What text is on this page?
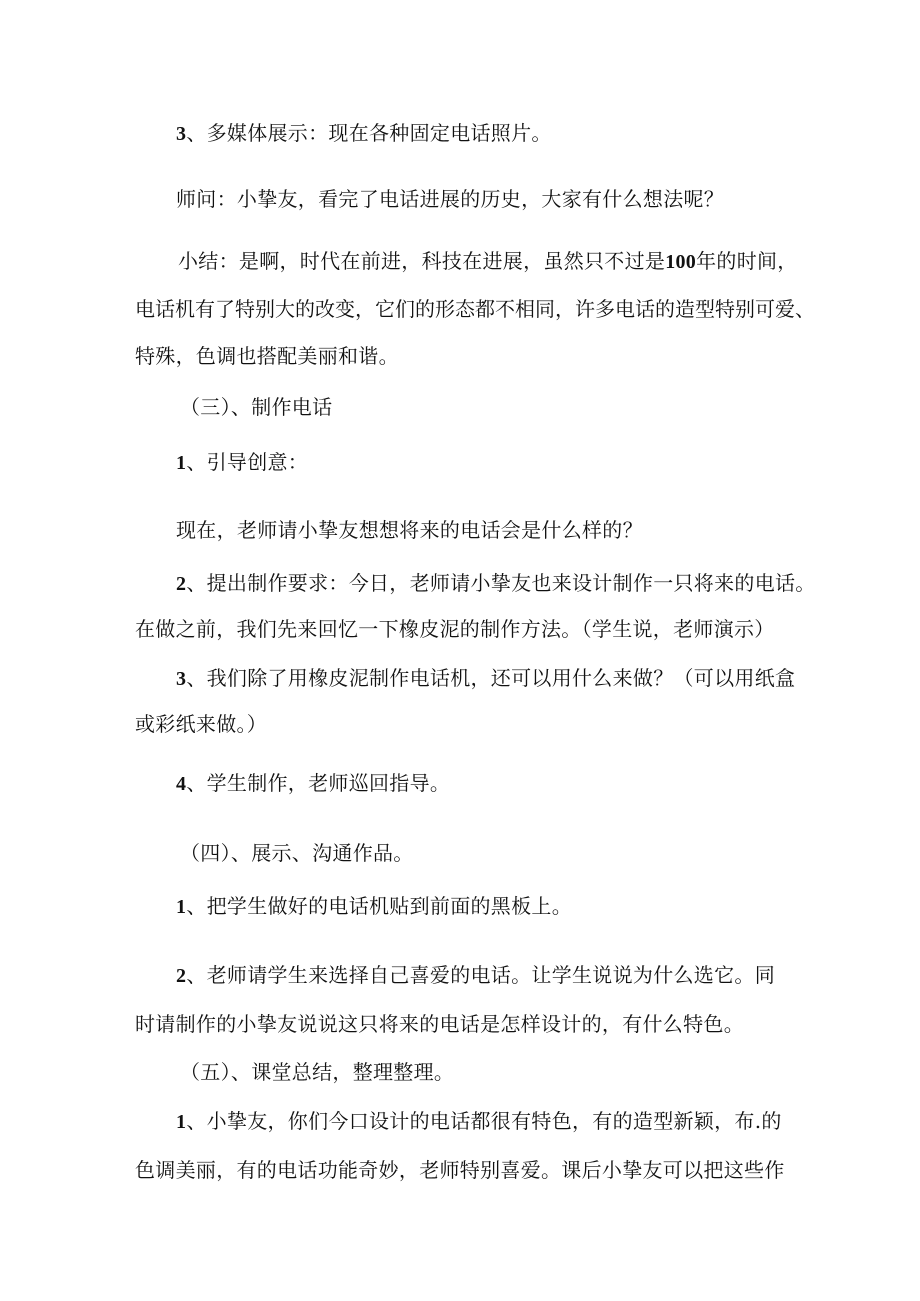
3、多媒体展示：现在各种固定电话照片。
师问：小挚友，看完了电话进展的历史，大家有什么想法呢？
小结：是啊，时代在前进，科技在进展，虽然只不过是100年的时间，
电话机有了特别大的改变，它们的形态都不相同，许多电话的造型特别可爱、
特殊，色调也搭配美丽和谐。
（三）、制作电话
1、引导创意：
现在，老师请小挚友想想将来的电话会是什么样的？
2、提出制作要求：今日，老师请小挚友也来设计制作一只将来的电话。
在做之前，我们先来回忆一下橡皮泥的制作方法。（学生说，老师演示）
3、我们除了用橡皮泥制作电话机，还可以用什么来做？（可以用纸盒
或彩纸来做。）
4、学生制作，老师巡回指导。
（四）、展示、沟通作品。
1、把学生做好的电话机贴到前面的黑板上。
2、老师请学生来选择自己喜爱的电话。让学生说说为什么选它。同
时请制作的小挚友说说这只将来的电话是怎样设计的，有什么特色。
（五）、课堂总结，整理整理。
1、小挚友，你们今口设计的电话都很有特色，有的造型新颖，布.的
色调美丽，有的电话功能奇妙，老师特别喜爱。课后小挚友可以把这些作
